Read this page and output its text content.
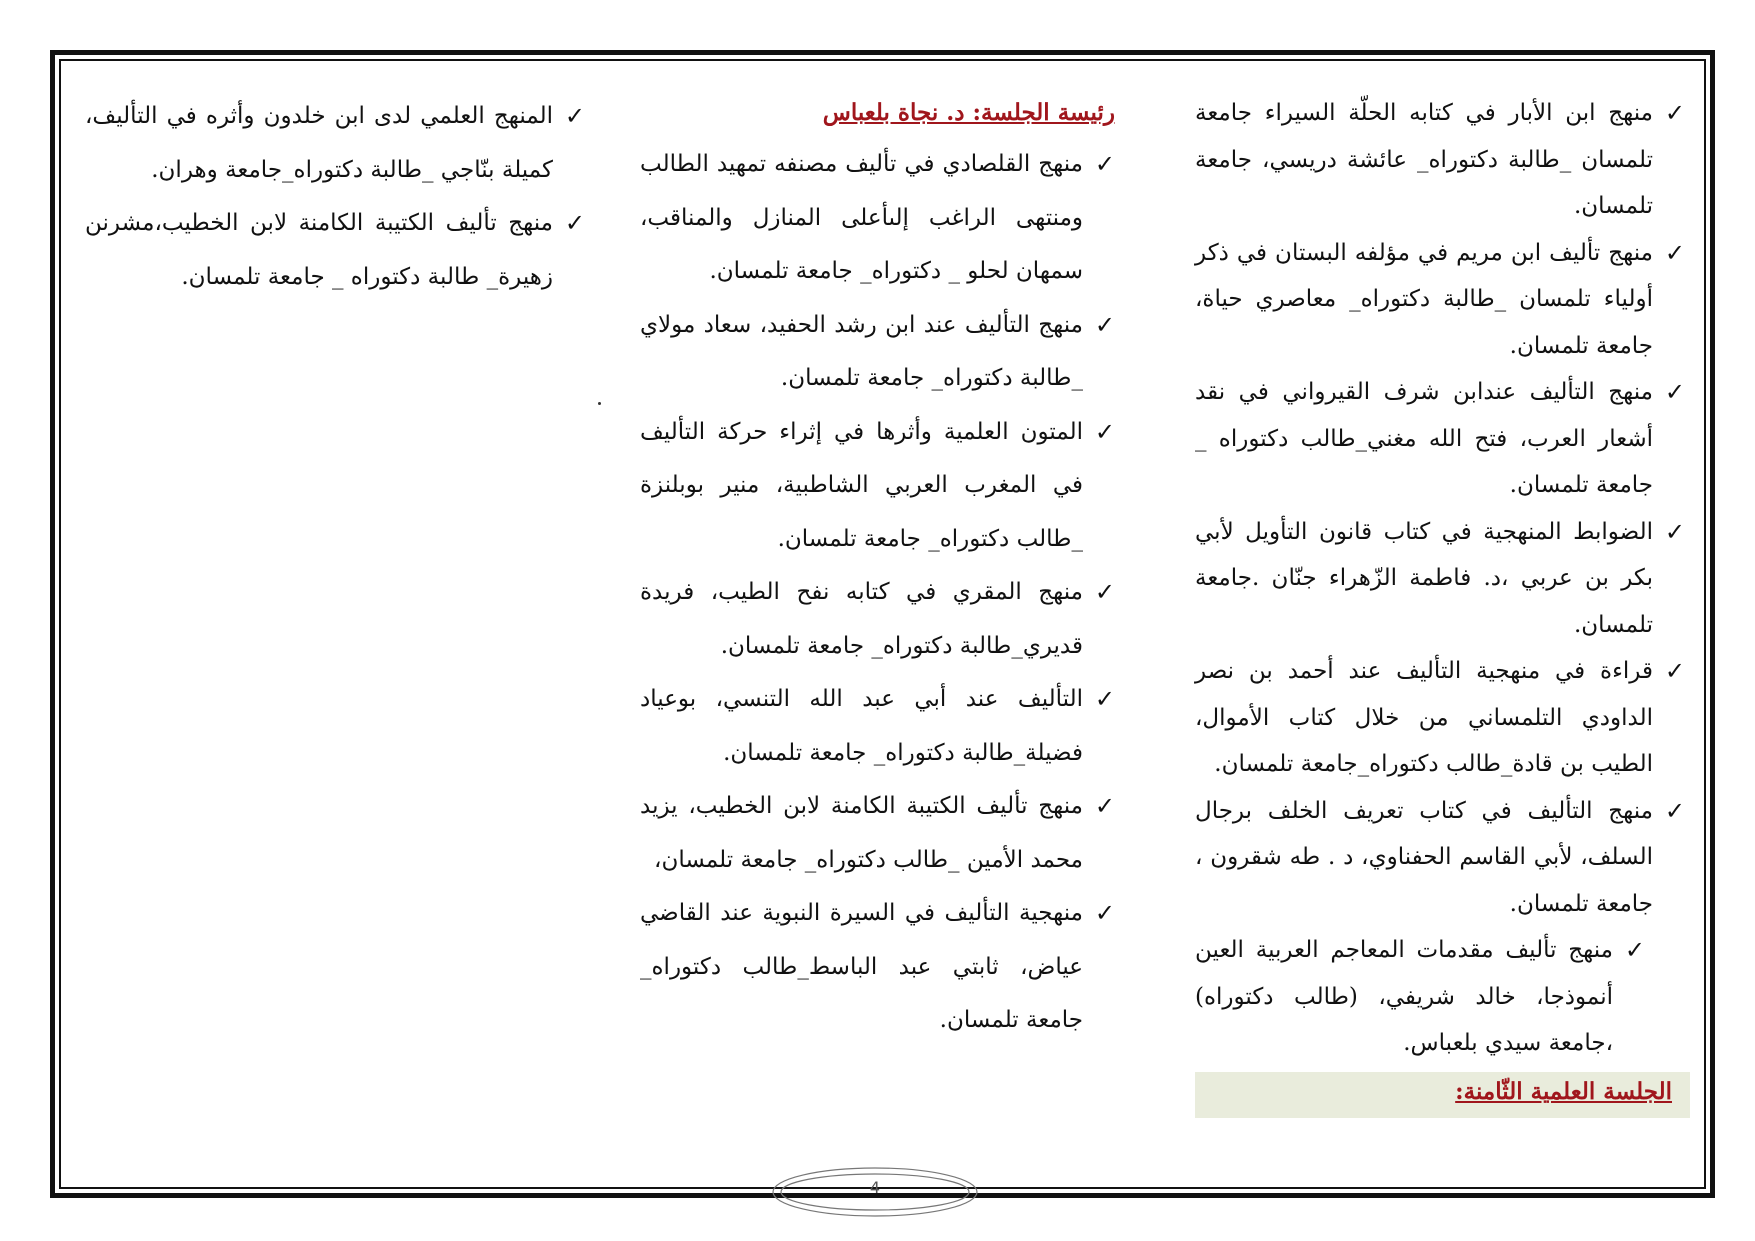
✓
منهج ابن الأبار في كتابه الحلّة السيراء جامعة تلمسان _طالبة دكتوراه_ عائشة دريسي، جامعة تلمسان.
✓
منهج تأليف ابن مريم في مؤلفه البستان في ذكر أولياء تلمسان _طالبة دكتوراه_ معاصري حياة، جامعة تلمسان.
✓
منهج التأليف عندابن شرف القيرواني في نقد أشعار العرب، فتح الله مغني_طالب دكتوراه _ جامعة تلمسان.
✓
الضوابط المنهجية في كتاب قانون التأويل لأبي بكر بن عربي ،د. فاطمة الزّهراء جنّان .جامعة تلمسان.
✓
قراءة في منهجية التأليف عند أحمد بن نصر الداودي التلمساني من خلال كتاب الأموال، الطيب بن قادة_طالب دكتوراه_جامعة تلمسان.
✓
منهج التأليف في كتاب تعريف الخلف برجال السلف، لأبي القاسم الحفناوي، د . طه شقرون ، جامعة تلمسان.
✓
منهج تأليف مقدمات المعاجم العربية العين أنموذجا، خالد شريفي، (طالب دكتوراه) ،جامعة سيدي بلعباس.
الجلسة العلمية الثّامنة:
رئيسة الجلسة: د. نجاة بلعباس
✓
منهج القلصادي في تأليف مصنفه تمهيد الطالب ومنتهى الراغب إلىأعلى المنازل والمناقب، سمهان لحلو _ دكتوراه_ جامعة تلمسان.
✓
منهج التأليف عند ابن رشد الحفيد، سعاد مولاي _طالبة دكتوراه_ جامعة تلمسان.
✓
المتون العلمية وأثرها في إثراء حركة التأليف في المغرب العربي الشاطبية، منير بوبلنزة _طالب دكتوراه_ جامعة تلمسان.
✓
منهج المقري في كتابه نفح الطيب، فريدة قديري_طالبة دكتوراه_ جامعة تلمسان.
✓
التأليف عند أبي عبد الله التنسي، بوعياد فضيلة_طالبة دكتوراه_ جامعة تلمسان.
✓
منهج تأليف الكتيبة الكامنة لابن الخطيب، يزيد محمد الأمين _طالب دكتوراه_ جامعة تلمسان،
✓
منهجية التأليف في السيرة النبوية عند القاضي عياض، ثابتي عبد الباسط_طالب دكتوراه_ جامعة تلمسان.
✓
المنهج العلمي لدى ابن خلدون وأثره في التأليف، كميلة بنّاجي _طالبة دكتوراه_جامعة وهران.
✓
منهج تأليف الكتيبة الكامنة لابن الخطيب،مشرنن زهيرة_ طالبة دكتوراه _ جامعة تلمسان.
4
